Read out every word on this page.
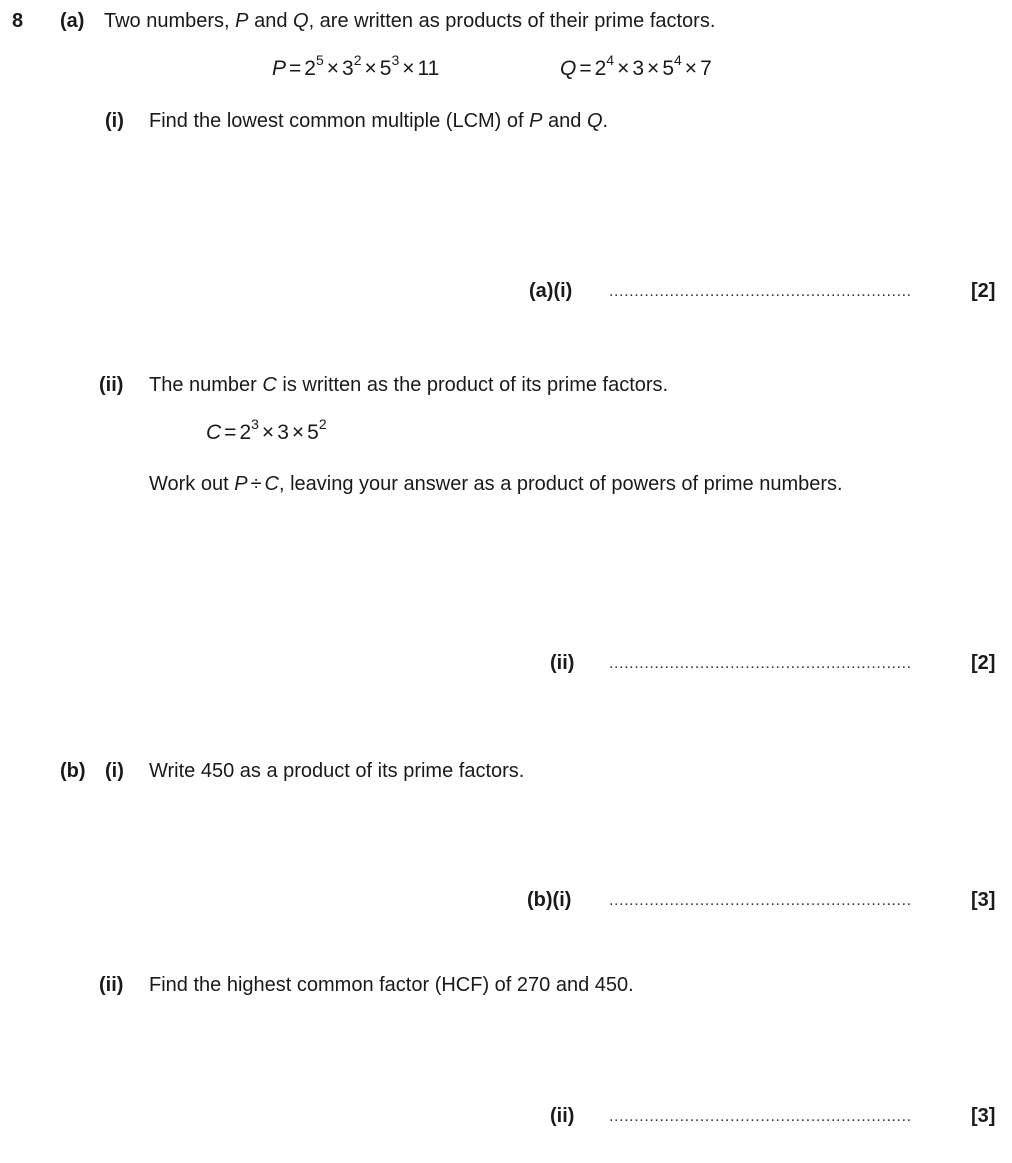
8 (a) Two numbers, P and Q, are written as products of their prime factors.
$P = 2^5 \times 3^2 \times 5^3 \times 11$	$Q = 2^4 \times 3 \times 5^4 \times 7$
(i) Find the lowest common multiple (LCM) of P and Q.
(a)(i) ............................................................	[2]
(ii) The number C is written as the product of its prime factors.
$C = 2^3 \times 3 \times 5^2$
Work out P ÷ C, leaving your answer as a product of powers of prime numbers.
(ii) ............................................................	[2]
(b) (i) Write 450 as a product of its prime factors.
(b)(i) ............................................................	[3]
(ii) Find the highest common factor (HCF) of 270 and 450.
(ii) ............................................................	[3]
